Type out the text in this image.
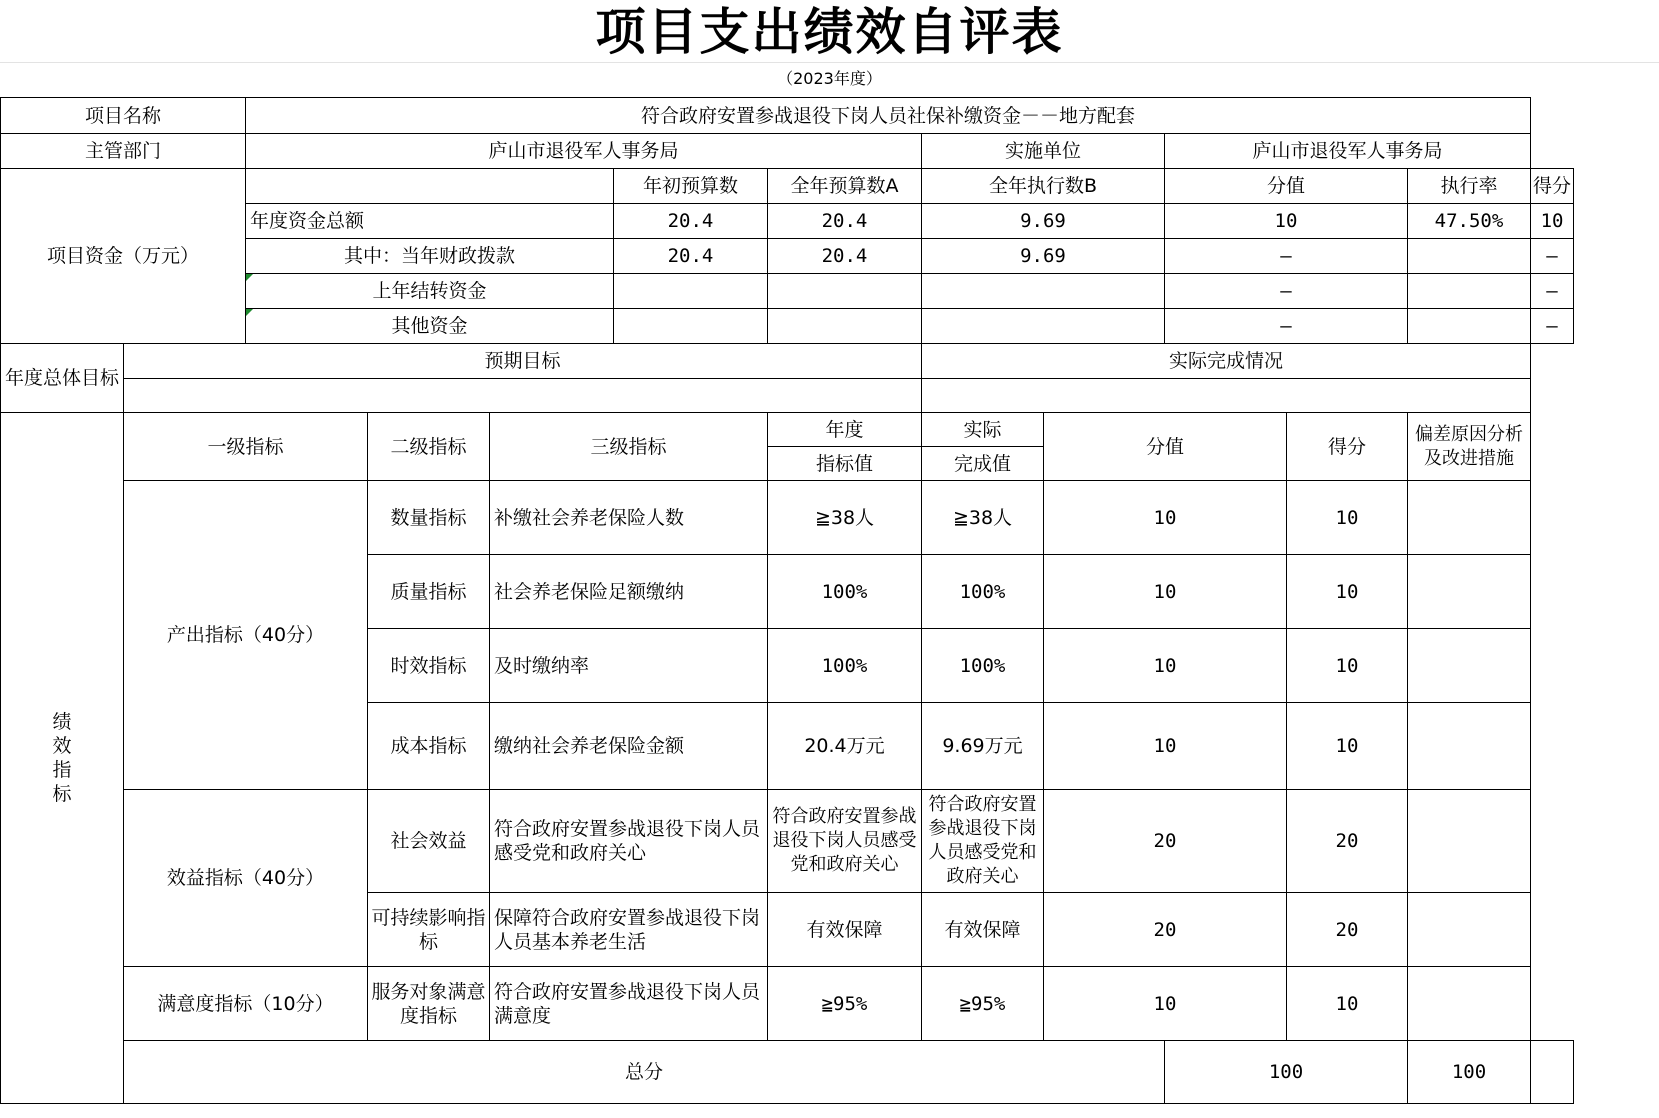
项目支出绩效自评表
（2023年度）
项目名称		符合政府安置参战退役下岗人员社保补缴资金－－地方配套										
主管部门		庐山市退役军人事务局					实施单位		庐山市退役军人事务局			
项目资金（万元）					年初预算数	全年预算数A	全年执行数B		分值		执行率	得分
		年度资金总额			20.4	20.4	9.69		10		47.50%	10
		其中：当年财政拨款			20.4	20.4	9.69		—			—
		上年结转资金							—			—
		其他资金							—			—
年度总体目标	预期目标						实际完成情况					

绩效指标	一级指标		二级指标	三级指标		年度	实际	分值		得分	偏差原因分析及改进措施	
						指标值	完成值					
	产出指标（40分）		数量指标	补缴社会养老保险人数		≧38人	≧38人	10		10		
			质量指标	社会养老保险足额缴纳		100%	100%	10		10		
			时效指标	及时缴纳率		100%	100%	10		10		
			成本指标	缴纳社会养老保险金额		20.4万元	9.69万元	10		10		
	效益指标（40分）		社会效益	符合政府安置参战退役下岗人员感受党和政府关心		符合政府安置参战退役下岗人员感受党和政府关心	符合政府安置参战退役下岗人员感受党和政府关心	20		20		
			可持续影响指标	保障符合政府安置参战退役下岗人员基本养老生活		有效保障	有效保障	20		20		
	满意度指标（10分）		服务对象满意度指标	符合政府安置参战退役下岗人员满意度		≧95%	≧95%	10		10		
	总分								100		100	
